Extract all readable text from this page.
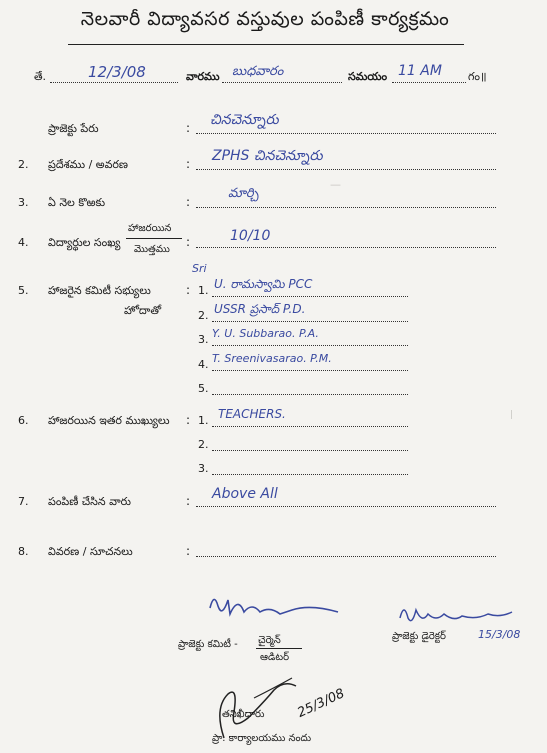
నెలవారీ విద్యావసర వస్తువుల పంపిణీ కార్యక్రమం
తే.	12/3/08	వారము బుధవారం	సమయం 11 AM గం॥
—
|
ప్రాజెక్టు పేరు	: చినచెన్నూరు
2. ప్రదేశము / అవరణ	: ZPHS చినచెన్నూరు
3. ఏ నెల కొఱకు	:
మార్చి
4. విద్యార్థుల సంఖ్య
హాజరయిన
మొత్తము
:	10/10
5. హాజరైన కమిటీ సభ్యులు
హోదాతో
Sri
: 1. U. రామస్వామి PCC
2. USSR ప్రసాద్ P.D.
3. Y. U. Subbarao. P.A.
4. T. Sreenivasarao. P.M.
5.
6. హాజరయిన ఇతర ముఖ్యులు : 1. TEACHERS.
2.
3.
7. పంపిణీ చేసిన వారు	: Above All
8. వివరణ / సూచనలు	:
ప్రాజెక్టు కమిటీ - చైర్మెన్
ఆడిటర్
ప్రాజెక్టు డైరెక్టర్	15/3/08
25/3/08
తనిఖీదారు
ప్రా. కార్యాలయము నందు
